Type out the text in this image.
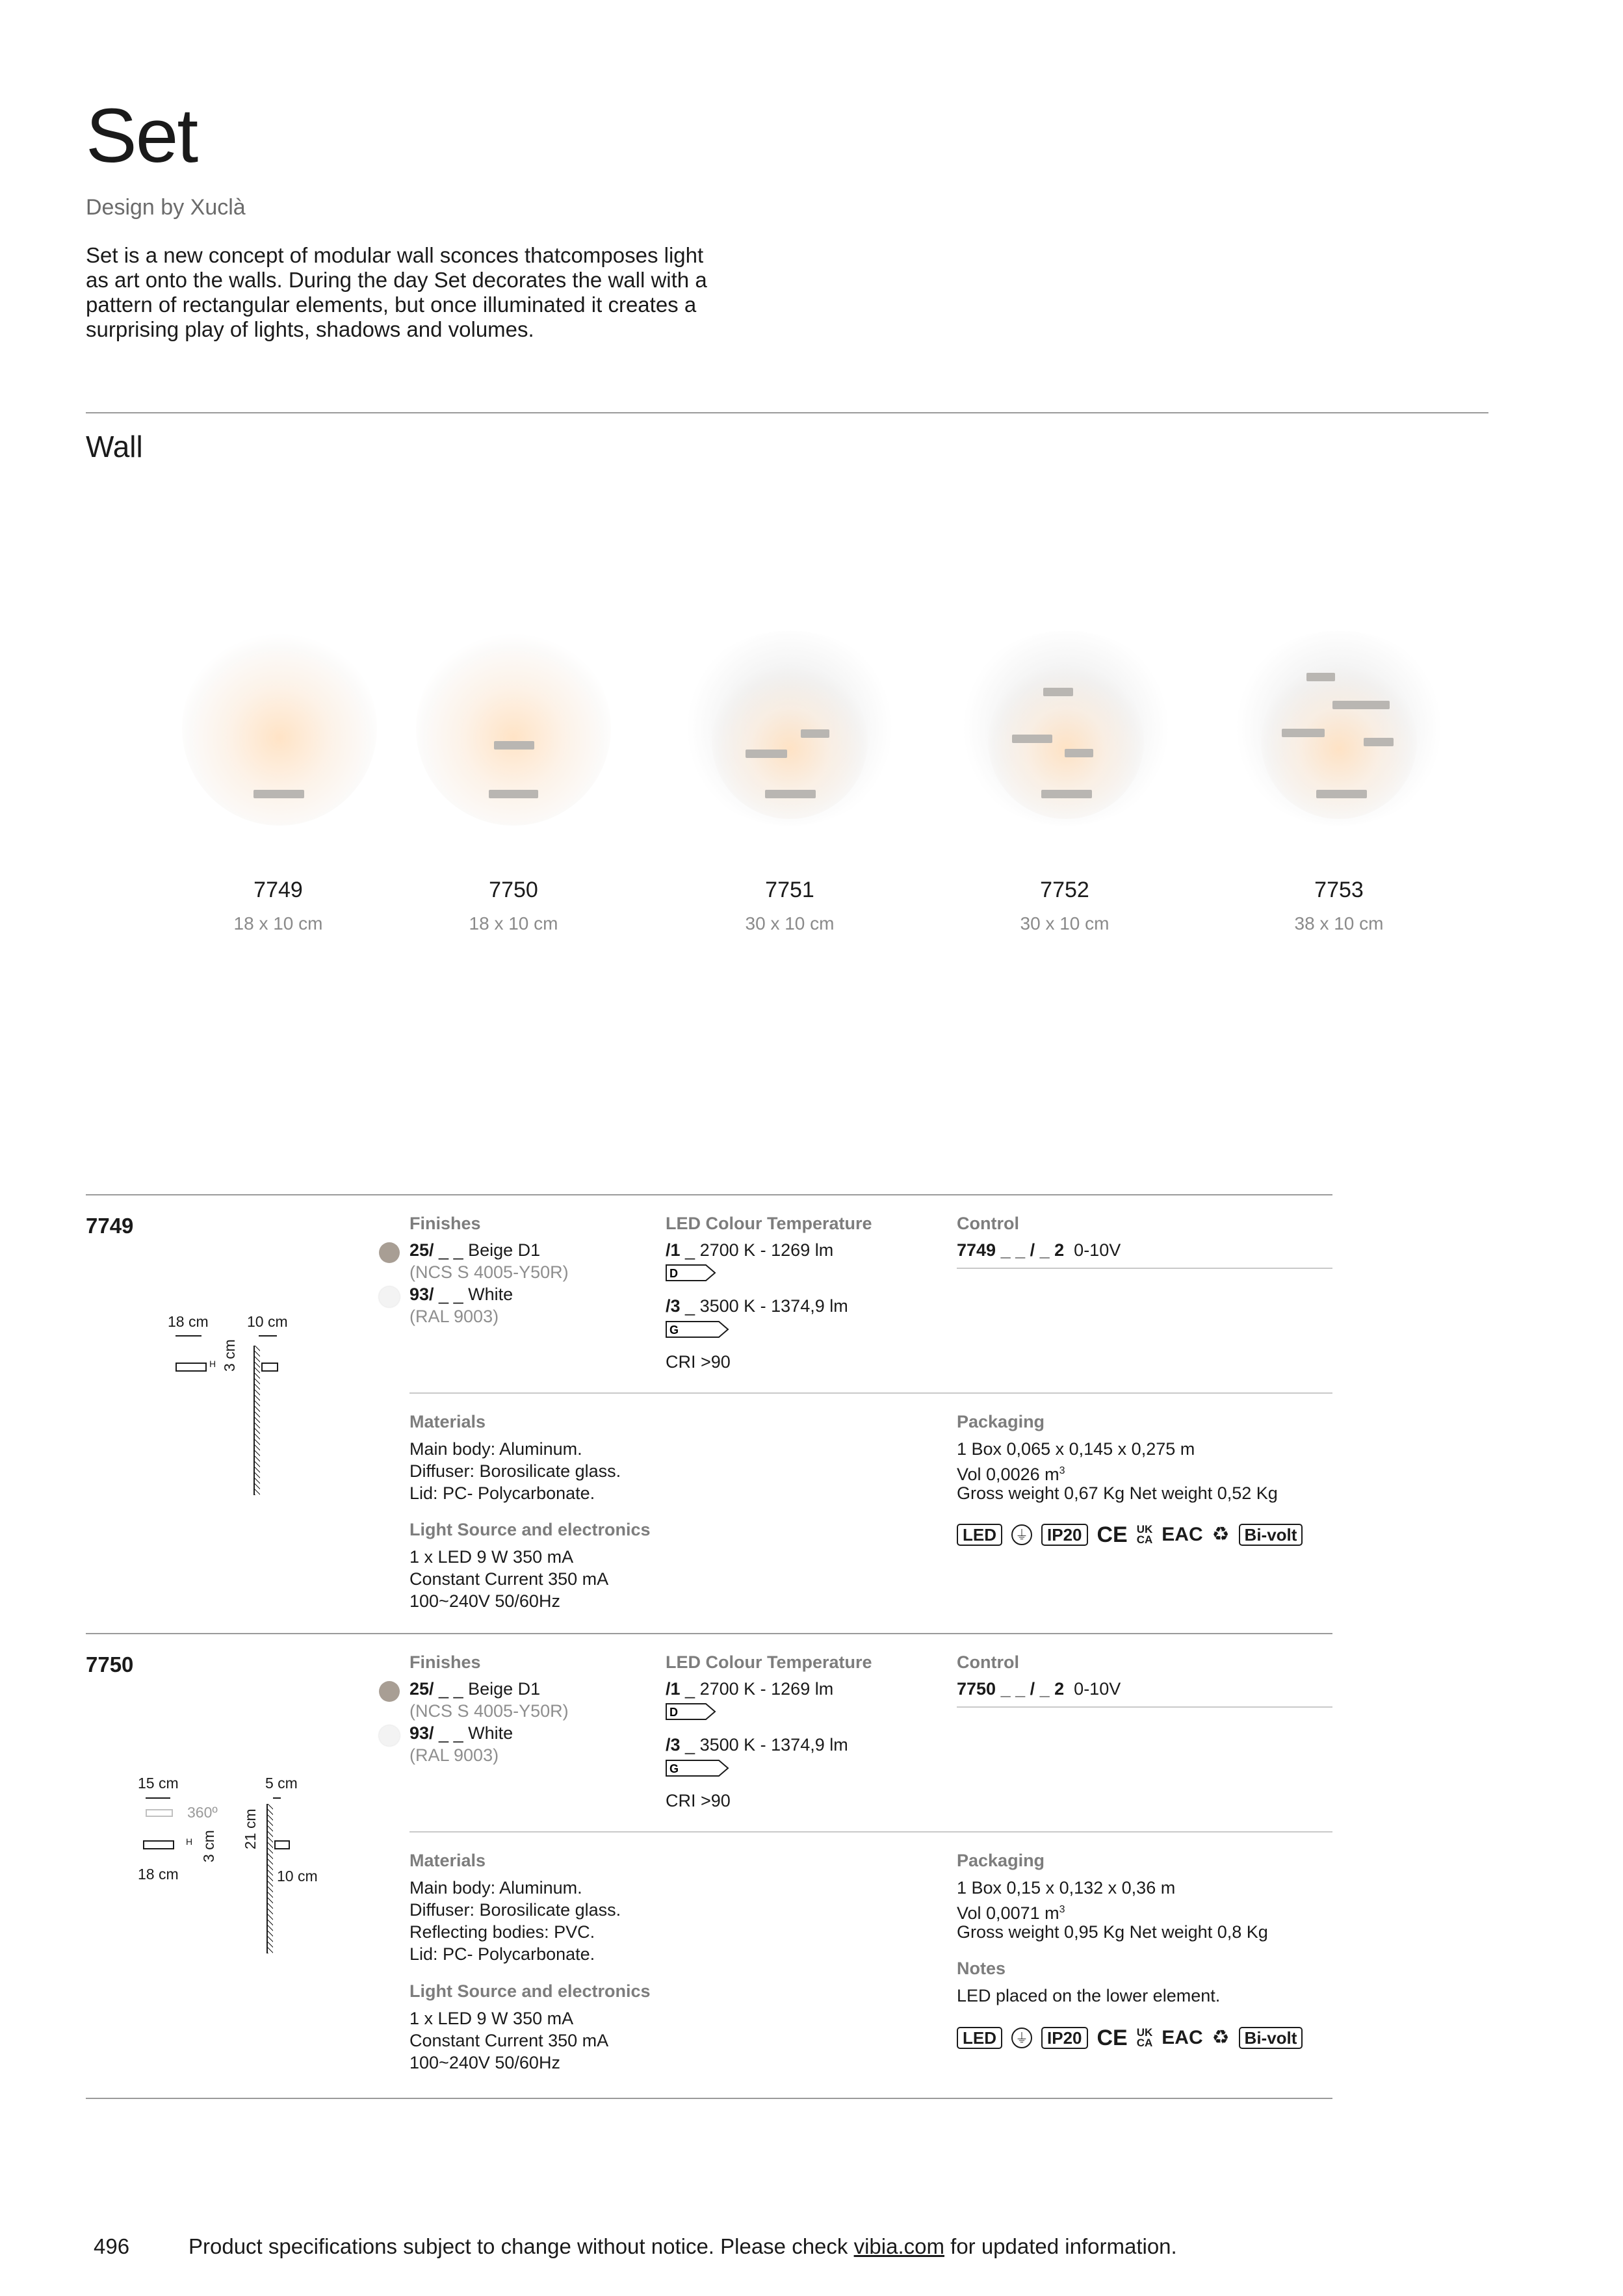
Set
Design by Xuclà
Set is a new concept of modular wall sconces thatcomposes light as art onto the walls. During the day Set decorates the wall with a pattern of rectangular elements, but once illuminated it creates a surprising play of lights, shadows and volumes.
Wall
7749
18 x 10 cm
7750
18 x 10 cm
7751
30 x 10 cm
7752
30 x 10 cm
7753
38 x 10 cm
7749
18 cm	10 cm
H 3 cm
Finishes
25/ _ _ Beige D1
(NCS S 4005-Y50R)
93/ _ _ White
(RAL 9003)
LED Colour Temperature
/1 _ 2700 K - 1269 lm
D
/3 _ 3500 K - 1374,9 lm
G
CRI >90
Control
7749 _ _ / _ 2 0-10V
Materials
Main body: Aluminum.
Diffuser: Borosilicate glass.
Lid: PC- Polycarbonate.
Light Source and electronics
1 x LED 9 W 350 mA
Constant Current 350 mA
100~240V 50/60Hz
Packaging
1 Box 0,065 x 0,145 x 0,275 m
Vol 0,0026 $m^3$
Gross weight 0,67 Kg Net weight 0,52 Kg
LED	⏚	IP20 CE UK
CA EAC ♻ Bi-volt
7750
15 cm	5 cm
360º
H 3 cm 21 cm
18 cm	10 cm
Finishes
25/ _ _ Beige D1
(NCS S 4005-Y50R)
93/ _ _ White
(RAL 9003)
LED Colour Temperature
/1 _ 2700 K - 1269 lm
D
/3 _ 3500 K - 1374,9 lm
G
CRI >90
Control
7750 _ _ / _ 2 0-10V
Materials
Main body: Aluminum.
Diffuser: Borosilicate glass.
Reflecting bodies: PVC.
Lid: PC- Polycarbonate.
Light Source and electronics
1 x LED 9 W 350 mA
Constant Current 350 mA
100~240V 50/60Hz
Packaging
1 Box 0,15 x 0,132 x 0,36 m
Vol 0,0071 $m^3$
Gross weight 0,95 Kg Net weight 0,8 Kg
Notes
LED placed on the lower element.
LED	⏚	IP20 CE UK
CA EAC ♻ Bi-volt
496	Product specifications subject to change without notice. Please check vibia.com for updated information.
